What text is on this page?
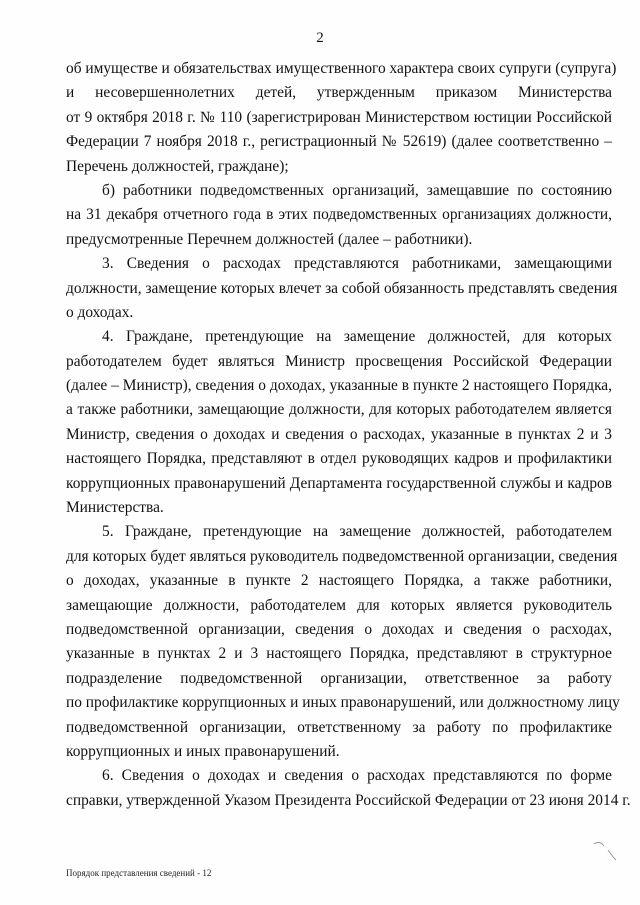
2
об имуществе и обязательствах имущественного характера своих супруги (супруга)
и несовершеннолетних детей, утвержденным приказом Министерства
от 9 октября 2018 г. № 110 (зарегистрирован Министерством юстиции Российской
Федерации 7 ноября 2018 г., регистрационный № 52619) (далее соответственно –
Перечень должностей, граждане);
б) работники подведомственных организаций, замещавшие по состоянию
на 31 декабря отчетного года в этих подведомственных организациях должности,
предусмотренные Перечнем должностей (далее – работники).
3. Сведения о расходах представляются работниками, замещающими
должности, замещение которых влечет за собой обязанность представлять сведения
о доходах.
4. Граждане, претендующие на замещение должностей, для которых
работодателем будет являться Министр просвещения Российской Федерации
(далее – Министр), сведения о доходах, указанные в пункте 2 настоящего Порядка,
а также работники, замещающие должности, для которых работодателем является
Министр, сведения о доходах и сведения о расходах, указанные в пунктах 2 и 3
настоящего Порядка, представляют в отдел руководящих кадров и профилактики
коррупционных правонарушений Департамента государственной службы и кадров
Министерства.
5. Граждане, претендующие на замещение должностей, работодателем
для которых будет являться руководитель подведомственной организации, сведения
о доходах, указанные в пункте 2 настоящего Порядка, а также работники,
замещающие должности, работодателем для которых является руководитель
подведомственной организации, сведения о доходах и сведения о расходах,
указанные в пунктах 2 и 3 настоящего Порядка, представляют в структурное
подразделение подведомственной организации, ответственное за работу
по профилактике коррупционных и иных правонарушений, или должностному лицу
подведомственной организации, ответственному за работу по профилактике
коррупционных и иных правонарушений.
6. Сведения о доходах и сведения о расходах представляются по форме
справки, утвержденной Указом Президента Российской Федерации от 23 июня 2014 г.
Порядок представления сведений - 12
